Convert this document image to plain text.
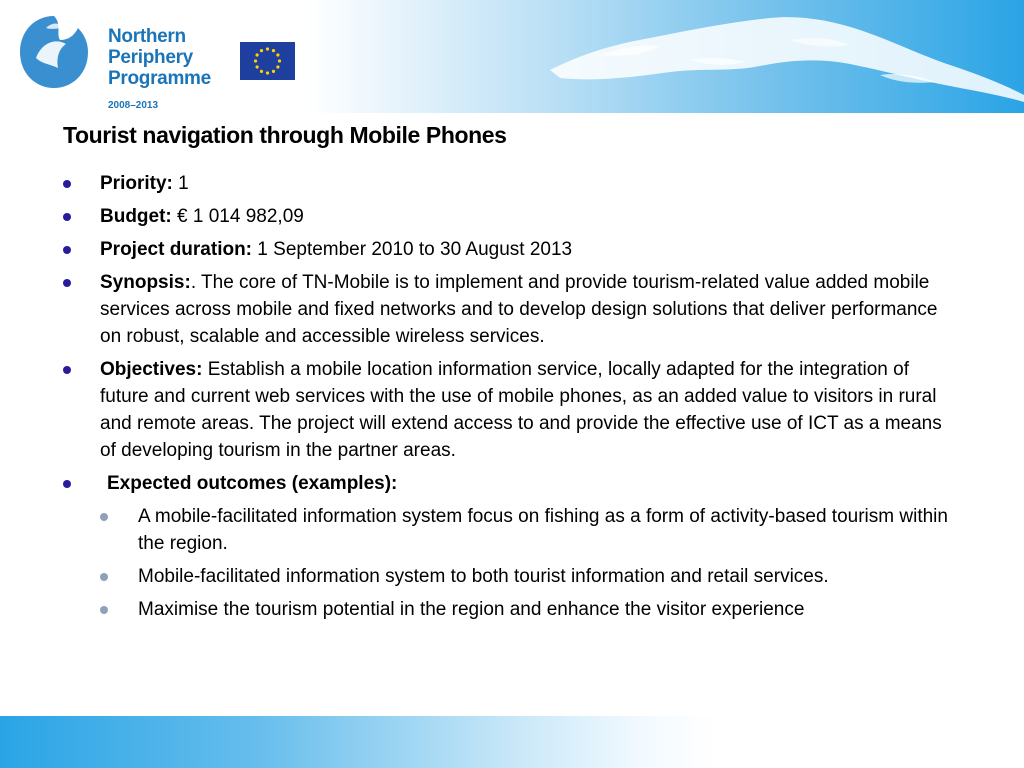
Northern
Periphery
Programme
2008–2013
Tourist navigation through Mobile Phones
Priority: 1
Budget: € 1 014 982,09
Project duration: 1 September 2010 to 30 August 2013
Synopsis:. The core of TN-Mobile is to implement and provide tourism-related value added mobile services across mobile and fixed networks and to develop design solutions that deliver performance on robust, scalable and accessible wireless services.
Objectives: Establish a mobile location information service, locally adapted for the integration of future and current web services with the use of mobile phones, as an added value to visitors in rural and remote areas. The project will extend access to and provide the effective use of ICT as a means of developing tourism in the partner areas.
Expected outcomes (examples):
A mobile-facilitated information system focus on fishing as a form of activity-based tourism within the region.
Mobile-facilitated information system to both tourist information and retail services.
Maximise the tourism potential in the region and enhance the visitor experience
